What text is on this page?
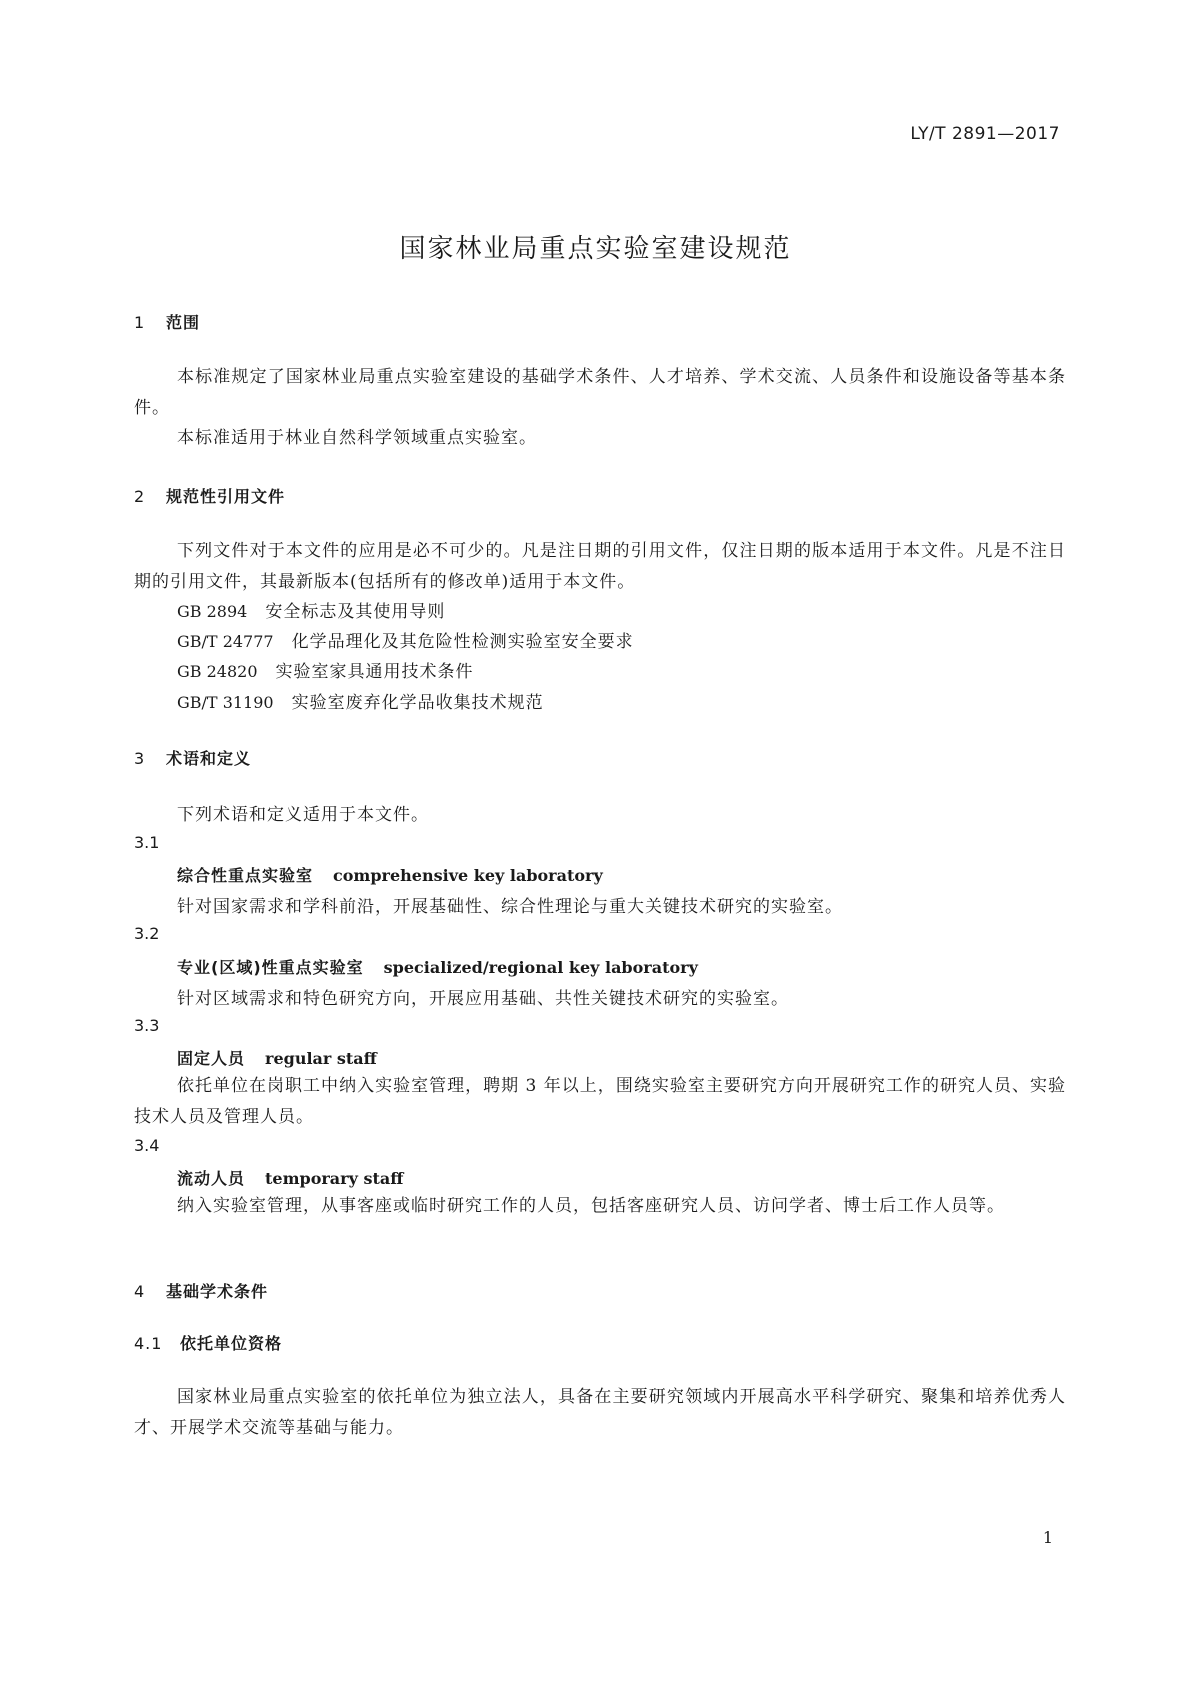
LY/T 2891—2017
国家林业局重点实验室建设规范
1 范围
本标准规定了国家林业局重点实验室建设的基础学术条件、人才培养、学术交流、人员条件和设施设备等基本条件。
本标准适用于林业自然科学领域重点实验室。
2 规范性引用文件
下列文件对于本文件的应用是必不可少的。凡是注日期的引用文件，仅注日期的版本适用于本文件。凡是不注日期的引用文件，其最新版本(包括所有的修改单)适用于本文件。
GB 2894 安全标志及其使用导则
GB/T 24777 化学品理化及其危险性检测实验室安全要求
GB 24820 实验室家具通用技术条件
GB/T 31190 实验室废弃化学品收集技术规范
3 术语和定义
下列术语和定义适用于本文件。
3.1
综合性重点实验室 comprehensive key laboratory
针对国家需求和学科前沿，开展基础性、综合性理论与重大关键技术研究的实验室。
3.2
专业(区域)性重点实验室 specialized/regional key laboratory
针对区域需求和特色研究方向，开展应用基础、共性关键技术研究的实验室。
3.3
固定人员 regular staff
依托单位在岗职工中纳入实验室管理，聘期 3 年以上，围绕实验室主要研究方向开展研究工作的研究人员、实验技术人员及管理人员。
3.4
流动人员 temporary staff
纳入实验室管理，从事客座或临时研究工作的人员，包括客座研究人员、访问学者、博士后工作人员等。
4 基础学术条件
4.1 依托单位资格
国家林业局重点实验室的依托单位为独立法人，具备在主要研究领域内开展高水平科学研究、聚集和培养优秀人才、开展学术交流等基础与能力。
1
